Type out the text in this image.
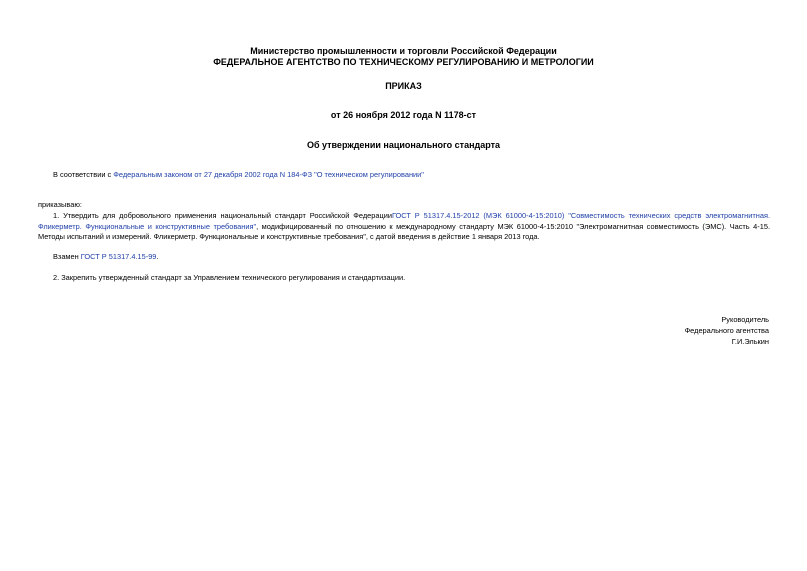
Министерство промышленности и торговли Российской Федерации
ФЕДЕРАЛЬНОЕ АГЕНТСТВО ПО ТЕХНИЧЕСКОМУ РЕГУЛИРОВАНИЮ И МЕТРОЛОГИИ
ПРИКАЗ
от 26 ноября 2012 года N 1178-ст
Об утверждении национального стандарта
В соответствии с Федеральным законом от 27 декабря 2002 года N 184-ФЗ "О техническом регулировании"
приказываю:
1. Утвердить для добровольного применения национальный стандарт Российской ФедерацииГОСТ Р 51317.4.15-2012 (МЭК 61000-4-15:2010) "Совместимость технических средств электромагнитная. Фликерметр. Функциональные и конструктивные требования", модифицированный по отношению к международному стандарту МЭК 61000-4-15:2010 "Электромагнитная совместимость (ЭМС). Часть 4-15. Методы испытаний и измерений. Фликерметр. Функциональные и конструктивные требования", с датой введения в действие 1 января 2013 года.
Взамен ГОСТ Р 51317.4.15-99.
2. Закрепить утвержденный стандарт за Управлением технического регулирования и стандартизации.
Руководитель
Федерального агентства
Г.И.Элькин
